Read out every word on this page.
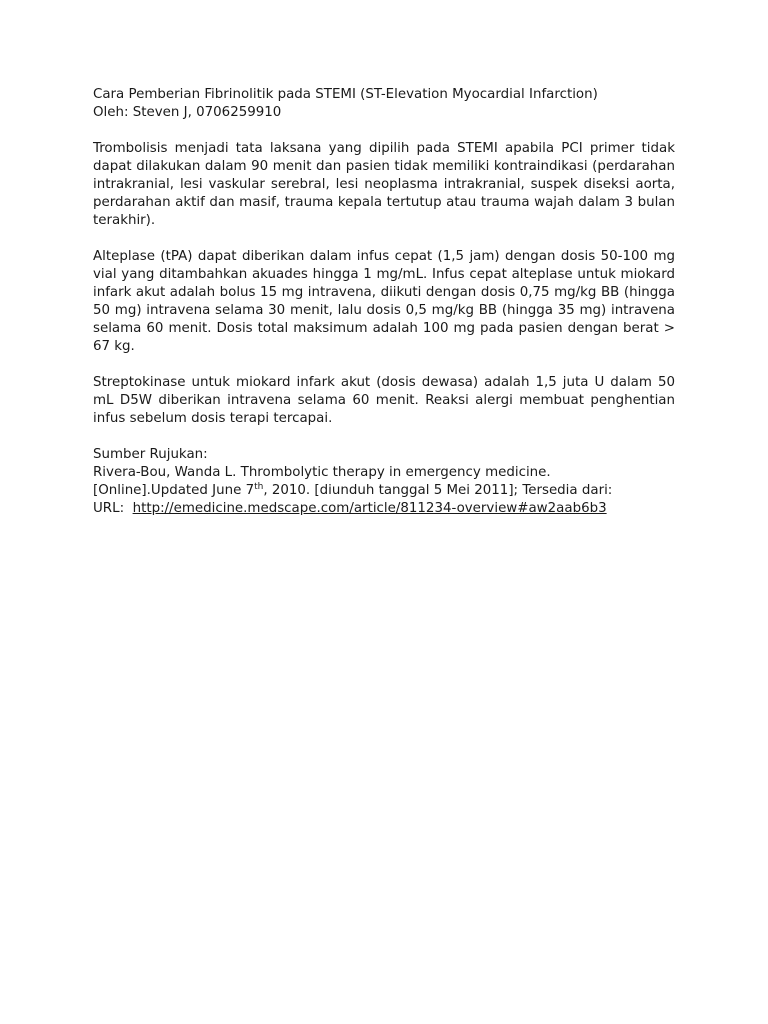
Cara Pemberian Fibrinolitik pada STEMI (ST-Elevation Myocardial Infarction)
Oleh: Steven J, 0706259910

Trombolisis menjadi tata laksana yang dipilih pada STEMI apabila PCI primer tidak dapat dilakukan dalam 90 menit dan pasien tidak memiliki kontraindikasi (perdarahan intrakranial, lesi vaskular serebral, lesi neoplasma intrakranial, suspek diseksi aorta, perdarahan aktif dan masif, trauma kepala tertutup atau trauma wajah dalam 3 bulan terakhir).

Alteplase (tPA) dapat diberikan dalam infus cepat (1,5 jam) dengan dosis 50-100 mg vial yang ditambahkan akuades hingga 1 mg/mL. Infus cepat alteplase untuk miokard infark akut adalah bolus 15 mg intravena, diikuti dengan dosis 0,75 mg/kg BB (hingga 50 mg) intravena selama 30 menit, lalu dosis 0,5 mg/kg BB (hingga 35 mg) intravena selama 60 menit. Dosis total maksimum adalah 100 mg pada pasien dengan berat > 67 kg.

Streptokinase untuk miokard infark akut (dosis dewasa) adalah 1,5 juta U dalam 50 mL D5W diberikan intravena selama 60 menit. Reaksi alergi membuat penghentian infus sebelum dosis terapi tercapai.

Sumber Rujukan:
Rivera-Bou, Wanda L. Thrombolytic therapy in emergency medicine.
[Online].Updated June 7th, 2010. [diunduh tanggal 5 Mei 2011]; Tersedia dari:
URL: http://emedicine.medscape.com/article/811234-overview#aw2aab6b3
